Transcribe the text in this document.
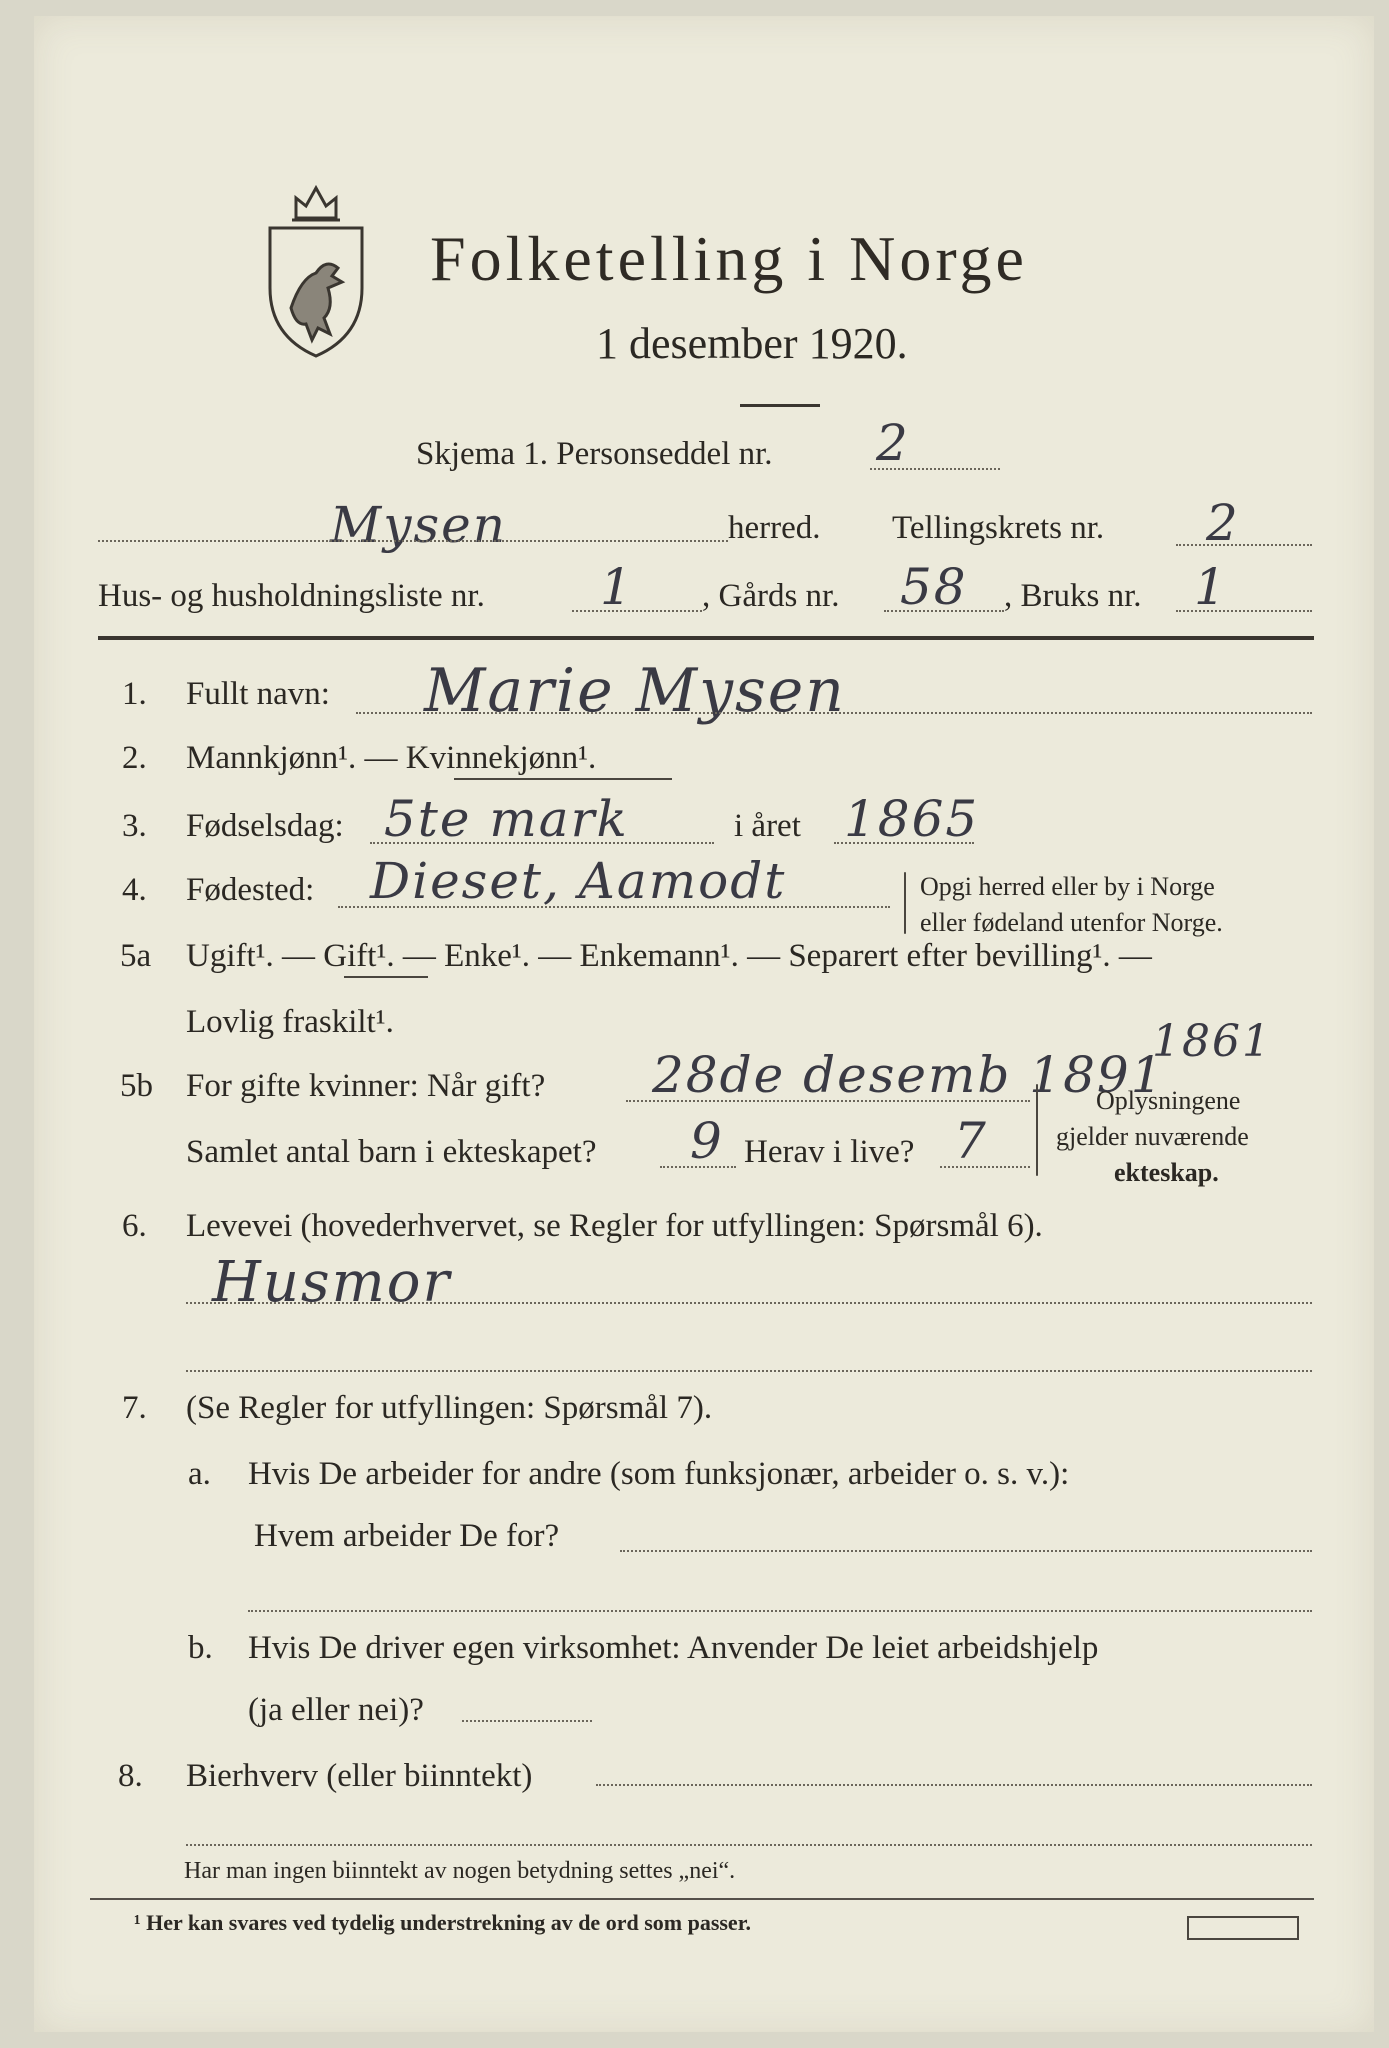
Folketelling i Norge
1 desember 1920.
Skjema 1. Personseddel nr. 2
Mysen	herred. Tellingskrets nr. 2
Hus- og husholdningsliste nr. 1 , Gårds nr. 58 , Bruks nr. 1
1. Fullt navn: Marie Mysen
2. Mannkjønn¹. — Kvinnekjønn¹.
3. Fødselsdag: 5te mark	i året 1865
4. Fødested: Dieset, Aamodt	Opgi herred eller by i Norge
eller fødeland utenfor Norge.
5a Ugift¹. — Gift¹. — Enke¹. — Enkemann¹. — Separert efter bevilling¹. —
Lovlig fraskilt¹.
5b For gifte kvinner: Når gift? 28de desemb 1891
1861
Oplysningene
gjelder nuværende
ekteskap.
Samlet antal barn i ekteskapet? 9 Herav i live? 7
6. Levevei (hovederhvervet, se Regler for utfyllingen: Spørsmål 6).
Husmor
7. (Se Regler for utfyllingen: Spørsmål 7).
a. Hvis De arbeider for andre (som funksjonær, arbeider o. s. v.):
Hvem arbeider De for?
b. Hvis De driver egen virksomhet: Anvender De leiet arbeidshjelp
(ja eller nei)?
8. Bierhverv (eller biinntekt)
Har man ingen biinntekt av nogen betydning settes „nei“.
¹ Her kan svares ved tydelig understrekning av de ord som passer.
